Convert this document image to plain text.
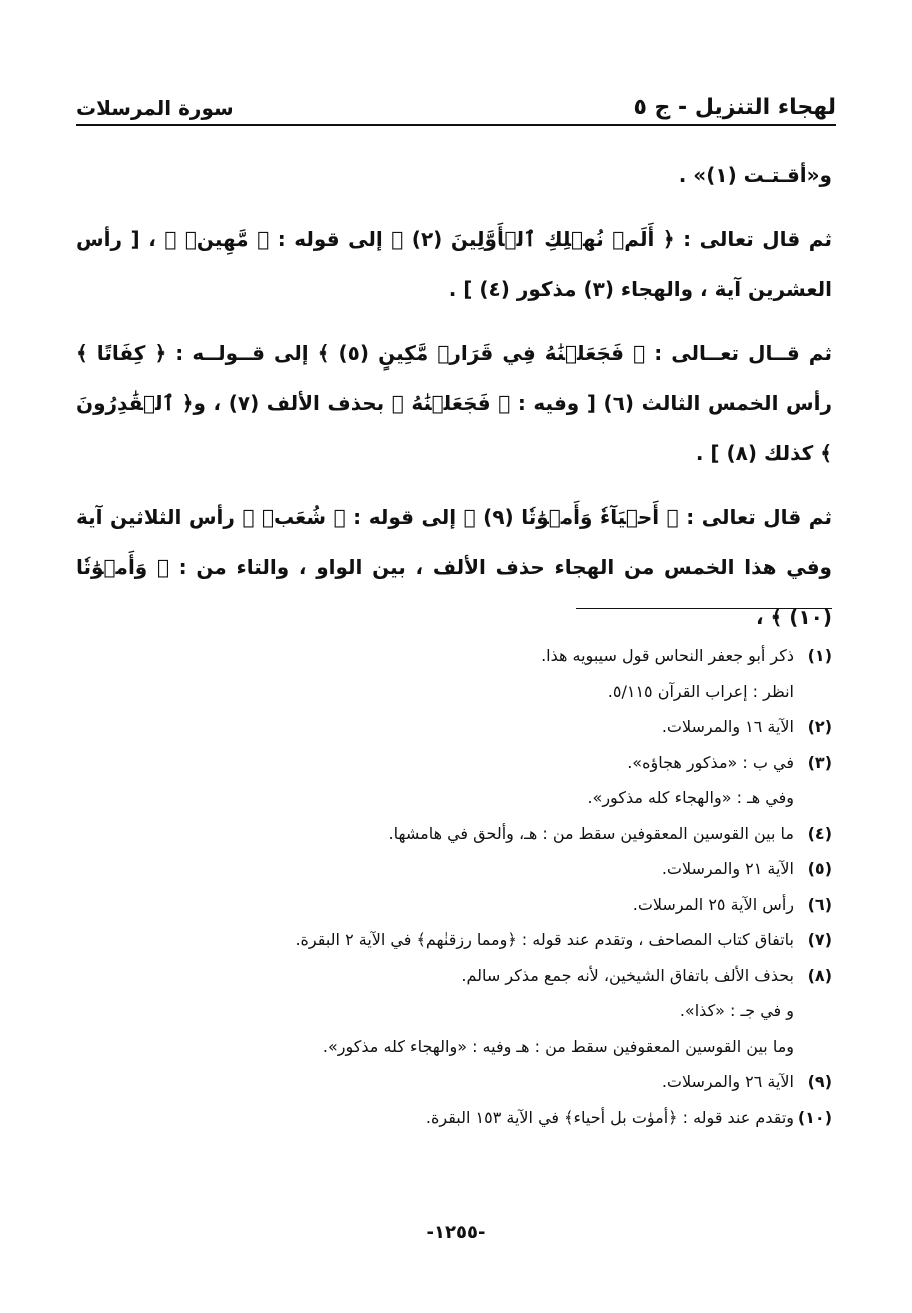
لهجاء التنزيل - ج ٥
سورة المرسلات

و«أقـتـت (١)» .

ثم قال تعالى : ﴿ أَلَمۡ نُهۡلِكِ ٱلۡأَوَّلِينَ (٢) ﴾ إلى قوله : ﴿ مَّهِينٖ ﴾ ، [ رأس العشرين آية ، والهجاء (٣) مذكور (٤) ] .

ثم قــال تعــالى : ﴿ فَجَعَلۡنَٰهُ فِي قَرَارٖ مَّكِينٍ (٥) ﴾ إلى قــولــه : ﴿ كِفَاتًا ﴾ رأس الخمس الثالث (٦) [ وفيه : ﴿ فَجَعَلۡنَٰهُ ﴾ بحذف الألف (٧) ، و﴿ ٱلۡقَٰدِرُونَ ﴾ كذلك (٨) ] .

ثم قال تعالى : ﴿ أَحۡيَآءٗ وَأَمۡوَٰتٗا (٩) ﴾ إلى قوله : ﴿ شُعَبٖ ﴾ رأس الثلاثين آية وفي هذا الخمس من الهجاء حذف الألف ، بين الواو ، والتاء من : ﴿ وَأَمۡوَٰتٗا (١٠) ﴾ ،

(١)ذكر أبو جعفر النحاس قول سيبويه هذا.
انظر : إعراب القرآن ٥/١١٥.
(٢)الآية ١٦ والمرسلات.
(٣)في ب : «مذكور هجاؤه».
وفي هـ : «والهجاء كله مذكور».
(٤)ما بين القوسين المعقوفين سقط من : هـ، وألحق في هامشها.
(٥)الآية ٢١ والمرسلات.
(٦)رأس الآية ٢٥ المرسلات.
(٧)باتفاق كتاب المصاحف ، وتقدم عند قوله : ﴿ومما رزقنٰهم﴾ في الآية ٢ البقرة.
(٨)بحذف الألف باتفاق الشيخين، لأنه جمع مذكر سالم.
و في جـ : «كذا».
وما بين القوسين المعقوفين سقط من : هـ وفيه : «والهجاء كله مذكور».
(٩)الآية ٢٦ والمرسلات.
(١٠)وتقدم عند قوله : ﴿أموٰت بل أحياء﴾ في الآية ١٥٣ البقرة.
-١٢٥٥-
